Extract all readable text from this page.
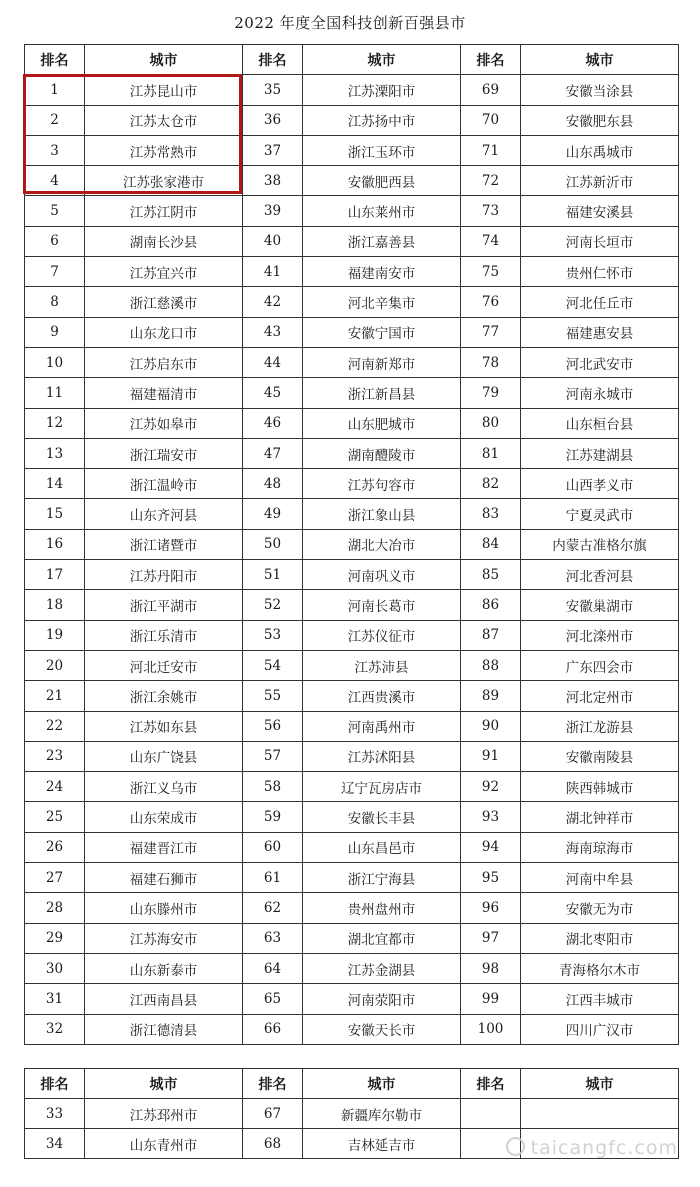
2022 年度全国科技创新百强县市
排名	城市	排名	城市	排名	城市
1	江苏昆山市	35	江苏溧阳市	69	安徽当涂县
2	江苏太仓市	36	江苏扬中市	70	安徽肥东县
3	江苏常熟市	37	浙江玉环市	71	山东禹城市
4	江苏张家港市	38	安徽肥西县	72	江苏新沂市
5	江苏江阴市	39	山东莱州市	73	福建安溪县
6	湖南长沙县	40	浙江嘉善县	74	河南长垣市
7	江苏宜兴市	41	福建南安市	75	贵州仁怀市
8	浙江慈溪市	42	河北辛集市	76	河北任丘市
9	山东龙口市	43	安徽宁国市	77	福建惠安县
10	江苏启东市	44	河南新郑市	78	河北武安市
11	福建福清市	45	浙江新昌县	79	河南永城市
12	江苏如皋市	46	山东肥城市	80	山东桓台县
13	浙江瑞安市	47	湖南醴陵市	81	江苏建湖县
14	浙江温岭市	48	江苏句容市	82	山西孝义市
15	山东齐河县	49	浙江象山县	83	宁夏灵武市
16	浙江诸暨市	50	湖北大冶市	84	内蒙古准格尔旗
17	江苏丹阳市	51	河南巩义市	85	河北香河县
18	浙江平湖市	52	河南长葛市	86	安徽巢湖市
19	浙江乐清市	53	江苏仪征市	87	河北滦州市
20	河北迁安市	54	江苏沛县	88	广东四会市
21	浙江余姚市	55	江西贵溪市	89	河北定州市
22	江苏如东县	56	河南禹州市	90	浙江龙游县
23	山东广饶县	57	江苏沭阳县	91	安徽南陵县
24	浙江义乌市	58	辽宁瓦房店市	92	陕西韩城市
25	山东荣成市	59	安徽长丰县	93	湖北钟祥市
26	福建晋江市	60	山东昌邑市	94	海南琼海市
27	福建石狮市	61	浙江宁海县	95	河南中牟县
28	山东滕州市	62	贵州盘州市	96	安徽无为市
29	江苏海安市	63	湖北宜都市	97	湖北枣阳市
30	山东新泰市	64	江苏金湖县	98	青海格尔木市
31	江西南昌县	65	河南荥阳市	99	江西丰城市
32	浙江德清县	66	安徽天长市	100	四川广汉市
排名	城市	排名	城市	排名	城市
33	江苏邳州市	67	新疆库尔勒市		
34	山东青州市	68	吉林延吉市			taicangfc.com
